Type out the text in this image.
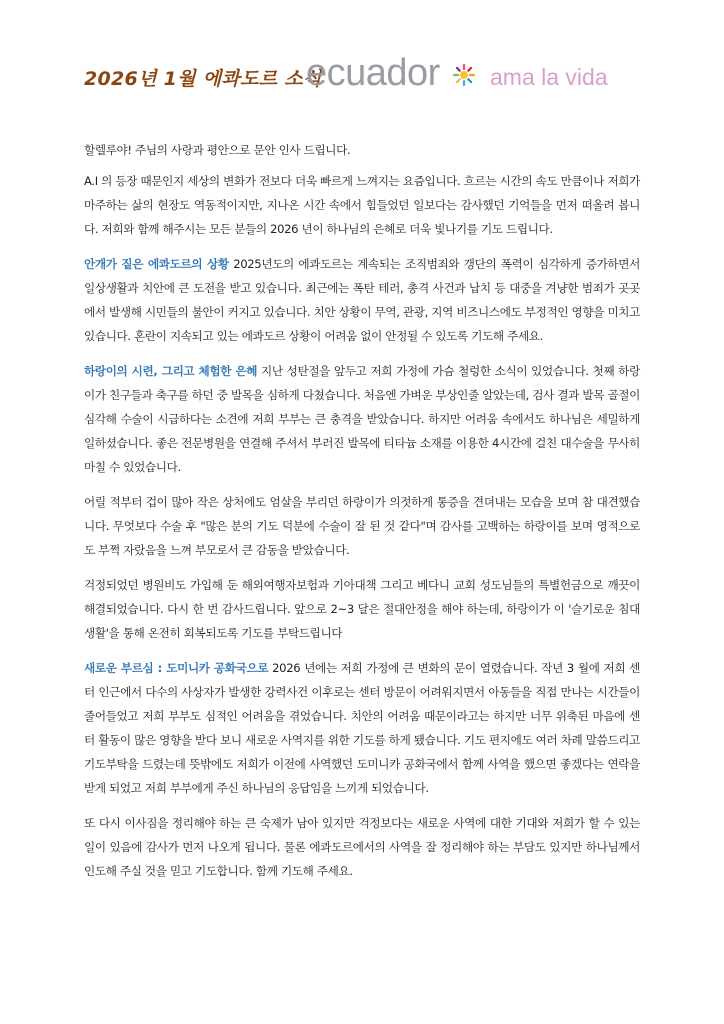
2026년 1월 에콰도르 소식
ecuador ama la vida

할렐루야! 주님의 사랑과 평안으로 문안 인사 드립니다.

A.I 의 등장 때문인지 세상의 변화가 전보다 더욱 빠르게 느껴지는 요즘입니다. 흐르는 시간의 속도 만큼이나 저희가 마주하는 삶의 현장도 역동적이지만, 지나온 시간 속에서 힘들었던 일보다는 감사했던 기억들을 먼저 떠올려 봅니다. 저희와 함께 해주시는 모든 분들의 2026 년이 하나님의 은혜로 더욱 빛나기를 기도 드립니다.

안개가 짙은 에콰도르의 상황 2025년도의 에콰도르는 계속되는 조직범죄와 갱단의 폭력이 심각하게 증가하면서 일상생활과 치안에 큰 도전을 받고 있습니다. 최근에는 폭탄 테러, 총격 사건과 납치 등 대중을 겨냥한 범죄가 곳곳에서 발생해 시민들의 불안이 커지고 있습니다. 치안 상황이 무역, 관광, 지역 비즈니스에도 부정적인 영향을 미치고 있습니다. 혼란이 지속되고 있는 에콰도르 상황이 어려움 없이 안정될 수 있도록 기도해 주세요.

하랑이의 시련, 그리고 체험한 은혜 지난 성탄절을 앞두고 저희 가정에 가슴 철렁한 소식이 있었습니다. 첫째 하랑이가 친구들과 축구를 하던 중 발목을 심하게 다쳤습니다. 처음엔 가벼운 부상인줄 알았는데, 검사 결과 발목 골절이 심각해 수술이 시급하다는 소견에 저희 부부는 큰 충격을 받았습니다. 하지만 어려움 속에서도 하나님은 세밀하게 일하셨습니다. 좋은 전문병원을 연결해 주셔서 부러진 발목에 티타늄 소재를 이용한 4시간에 걸친 대수술을 무사히 마칠 수 있었습니다.

어릴 적부터 겁이 많아 작은 상처에도 엄살을 부리던 하랑이가 의젓하게 통증을 견뎌내는 모습을 보며 참 대견했습니다. 무엇보다 수술 후 "많은 분의 기도 덕분에 수술이 잘 된 것 같다"며 감사를 고백하는 하랑이를 보며 영적으로도 부쩍 자랐음을 느껴 부모로서 큰 감동을 받았습니다.

걱정되었던 병원비도 가입해 둔 해외여행자보험과 기아대책 그리고 베다니 교회 성도님들의 특별헌금으로 깨끗이 해결되었습니다. 다시 한 번 감사드립니다. 앞으로 2~3 달은 절대안정을 해야 하는데, 하랑이가 이 '슬기로운 침대 생활'을 통해 온전히 회복되도록 기도를 부탁드립니다

새로운 부르심 : 도미니카 공화국으로 2026 년에는 저희 가정에 큰 변화의 문이 열렸습니다. 작년 3 월에 저희 센터 인근에서 다수의 사상자가 발생한 강력사건 이후로는 센터 방문이 어려워지면서 아동들을 직접 만나는 시간들이 줄어들었고 저희 부부도 심적인 어려움을 겪었습니다. 치안의 어려움 때문이라고는 하지만 너무 위축된 마음에 센터 활동이 많은 영향을 받다 보니 새로운 사역지를 위한 기도를 하게 됐습니다. 기도 편지에도 여러 차례 말씀드리고 기도부탁을 드렸는데 뜻밖에도 저희가 이전에 사역했던 도미니카 공화국에서 함께 사역을 했으면 좋겠다는 연락을 받게 되었고 저희 부부에게 주신 하나님의 응답임을 느끼게 되었습니다.

또 다시 이사짐을 정리해야 하는 큰 숙제가 남아 있지만 걱정보다는 새로운 사역에 대한 기대와 저희가 할 수 있는 일이 있음에 감사가 먼저 나오게 됩니다. 물론 에콰도르에서의 사역을 잘 정리해야 하는 부담도 있지만 하나님께서 인도해 주실 것을 믿고 기도합니다. 함께 기도해 주세요.
